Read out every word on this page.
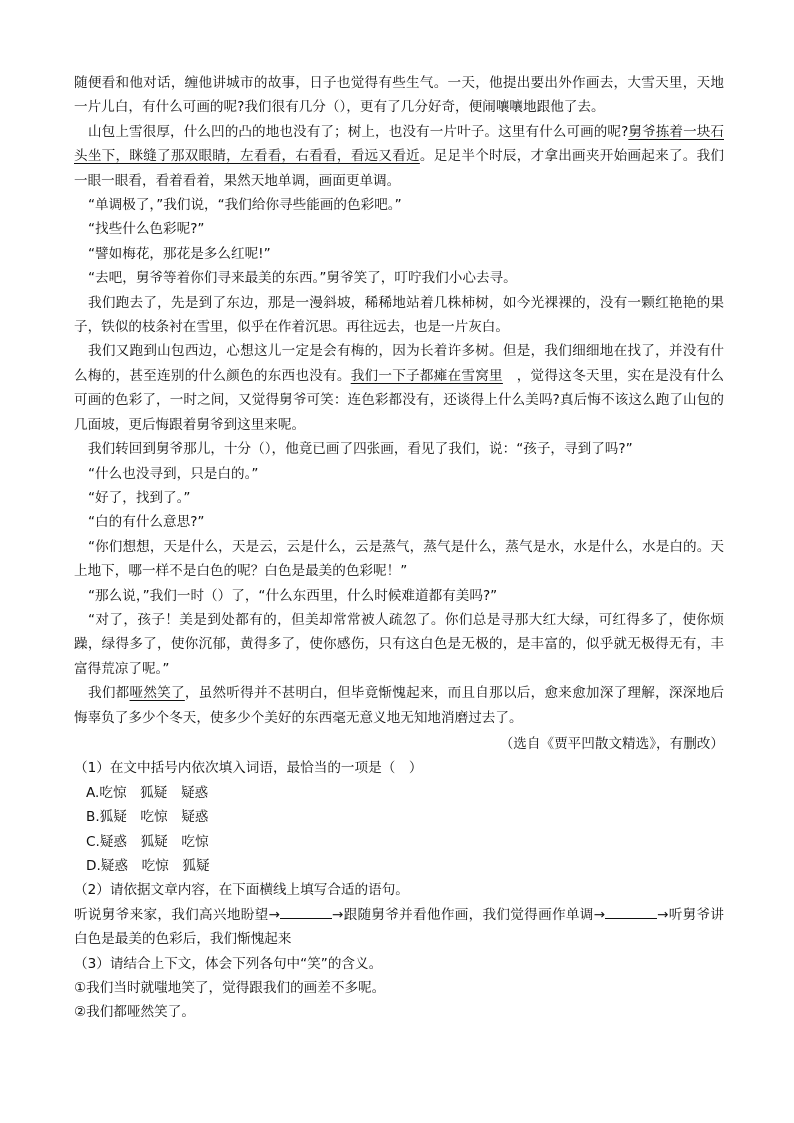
随便看和他对话，缠他讲城市的故事，日子也觉得有些生气。一天，他提出要出外作画去，大雪天里，天地一片儿白，有什么可画的呢?我们很有几分（），更有了几分好奇，便闹嚷嚷地跟他了去。

山包上雪很厚，什么凹的凸的地也没有了；树上，也没有一片叶子。这里有什么可画的呢?舅爷拣着一块石头坐下，眯缝了那双眼睛，左看看，右看看，看远又看近。足足半个时辰，才拿出画夹开始画起来了。我们一眼一眼看，看着看着，果然天地单调，画面更单调。

“单调极了，”我们说，“我们给你寻些能画的色彩吧。”

“找些什么色彩呢?”

“譬如梅花，那花是多么红呢!”

“去吧，舅爷等着你们寻来最美的东西。”舅爷笑了，叮咛我们小心去寻。

我们跑去了，先是到了东边，那是一漫斜坡，稀稀地站着几株柿树，如今光裸裸的，没有一颗红艳艳的果子，铁似的枝条衬在雪里，似乎在作着沉思。再往远去，也是一片灰白。

我们又跑到山包西边，心想这儿一定是会有梅的，因为长着许多树。但是，我们细细地在找了，并没有什么梅的，甚至连别的什么颜色的东西也没有。我们一下子都瘫在雪窝里　，觉得这冬天里，实在是没有什么可画的色彩了，一时之间，又觉得舅爷可笑：连色彩都没有，还谈得上什么美吗?真后悔不该这么跑了山包的几面坡，更后悔跟着舅爷到这里来呢。

我们转回到舅爷那儿，十分（），他竟已画了四张画，看见了我们，说：“孩子，寻到了吗?”

“什么也没寻到，只是白的。”

“好了，找到了。”

“白的有什么意思?”

“你们想想，天是什么，天是云，云是什么，云是蒸气，蒸气是什么，蒸气是水，水是什么，水是白的。天上地下，哪一样不是白色的呢？白色是最美的色彩呢！”

“那么说，”我们一时（）了，“什么东西里，什么时候难道都有美吗?”

“对了，孩子！美是到处都有的，但美却常常被人疏忽了。你们总是寻那大红大绿，可红得多了，使你烦躁，绿得多了，使你沉郁，黄得多了，使你感伤，只有这白色是无极的，是丰富的，似乎就无极得无有，丰富得荒凉了呢。”

我们都哑然笑了，虽然听得并不甚明白，但毕竟惭愧起来，而且自那以后，愈来愈加深了理解，深深地后悔辜负了多少个冬天，使多少个美好的东西毫无意义地无知地消磨过去了。

（选自《贾平凹散文精选》，有删改）

（1）在文中括号内依次填入词语，最恰当的一项是（　）

A.吃惊　狐疑　疑惑

B.狐疑　吃惊　疑惑

C.疑惑　狐疑　吃惊

D.疑惑　吃惊　狐疑

（2）请依据文章内容，在下面横线上填写合适的语句。

听说舅爷来家，我们高兴地盼望→	→跟随舅爷并看他作画，我们觉得画作单调→	→听舅爷讲白色是最美的色彩后，我们惭愧起来

（3）请结合上下文，体会下列各句中“笑”的含义。

①我们当时就嗤地笑了，觉得跟我们的画差不多呢。

②我们都哑然笑了。
